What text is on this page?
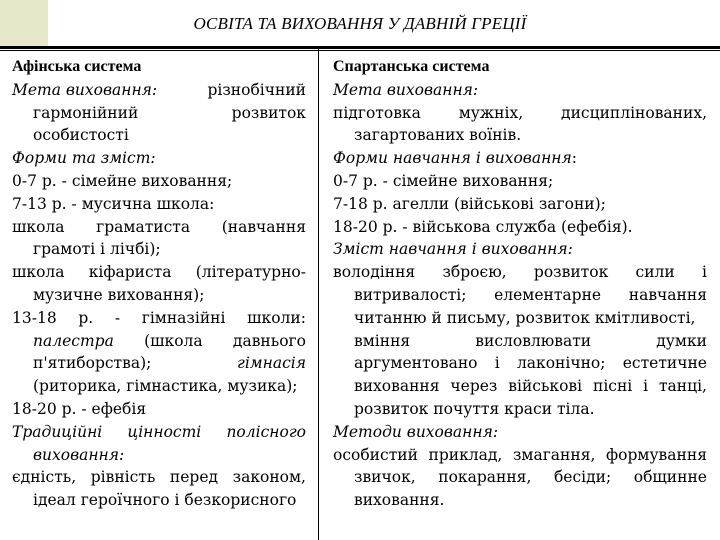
ОСВІТА ТА ВИХОВАННЯ У ДАВНІЙ ГРЕЦІЇ
Афінська система
Мета виховання:	різнобічний
гармонійний	розвиток
особистості
Форми та зміст:
0-7 р. - сімейне виховання;
7-13 р. - мусична школа:
школа граматиста (навчання
грамоті і лічбі);
школа кіфариста (літературно-
музичне виховання);
13-18 р. - гімназійні школи:
палестра (школа давнього
п'ятиборства);	гімнасія
(риторика, гімнастика, музика);
18-20 р. - ефебія
Традиційні цінності полісного
виховання:
єдність, рівність перед законом,
ідеал героїчного і безкорисного
Спартанська система
Мета виховання:
підготовка мужніх, дисциплінованих,
загартованих воїнів.
Форми навчання і виховання:
0-7 р. - сімейне виховання;
7-18 р. агелли (військові загони);
18-20 р. - військова служба (ефебія).
Зміст навчання і виховання:
володіння зброєю, розвиток сили і
витривалості; елементарне навчання
читанню й письму, розвиток кмітливості,
вміння	висловлювати	думки
аргументовано і лаконічно; естетичне
виховання через військові пісні і танці,
розвиток почуття краси тіла.
Методи виховання:
особистий приклад, змагання, формування
звичок, покарання, бесіди; общинне
виховання.
